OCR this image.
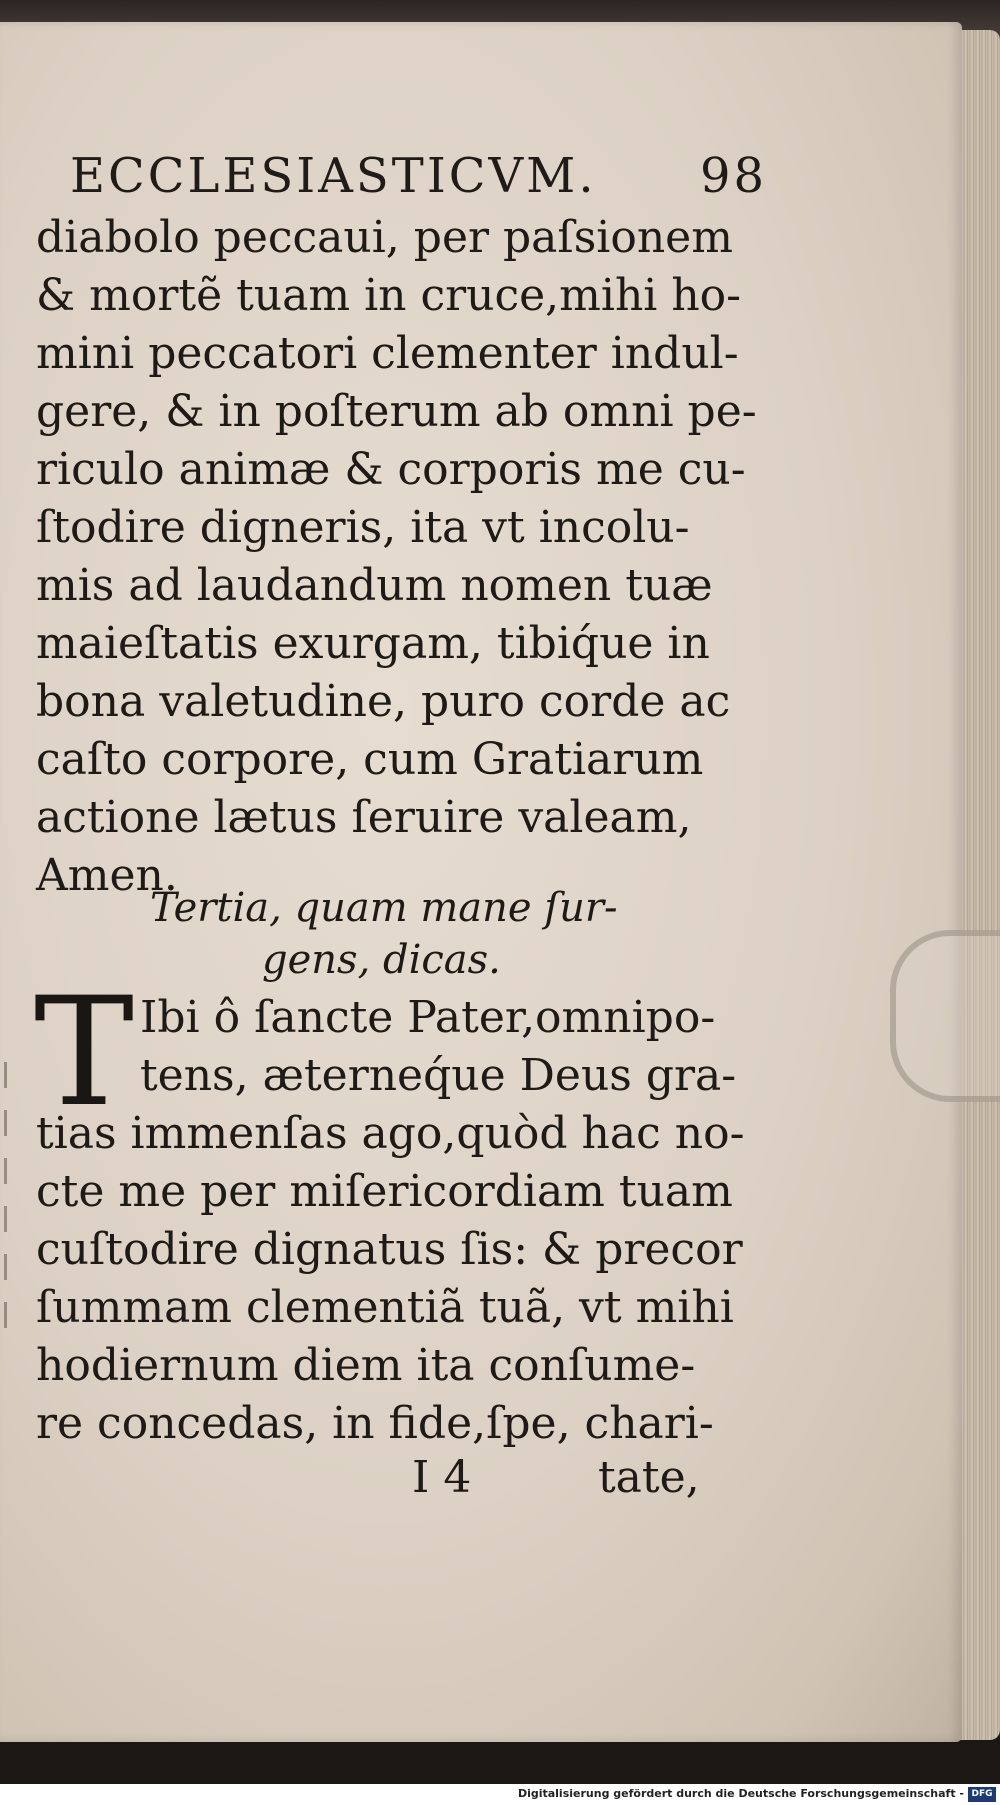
ECCLESIASTICVM. 98
diabolo peccaui, per paſsionem
& mortẽ tuam in cruce,mihi ho-
mini peccatori clementer indul-
gere, & in poſterum ab omni pe-
riculo animæ & corporis me cu-
ſtodire digneris, ita vt incolu-
mis ad laudandum nomen tuæ
maieſtatis exurgam, tibiq́ue in
bona valetudine, puro corde ac
caſto corpore, cum Gratiarum
actione lætus ſeruire valeam,
Amen.
Tertia, quam mane ſur-
gens, dicas.
T Ibi ô ſancte Pater,omnipo-
tens, æterneq́ue Deus gra-
tias immenſas ago,quòd hac no-
cte me per miſericordiam tuam
cuſtodire dignatus ſis: & precor
ſummam clementiã tuã, vt mihi
hodiernum diem ita conſume-
re concedas, in fide,ſpe, chari-
I 4	tate,
Digitalisierung gefördert durch die Deutsche Forschungsgemeinschaft - DFG
